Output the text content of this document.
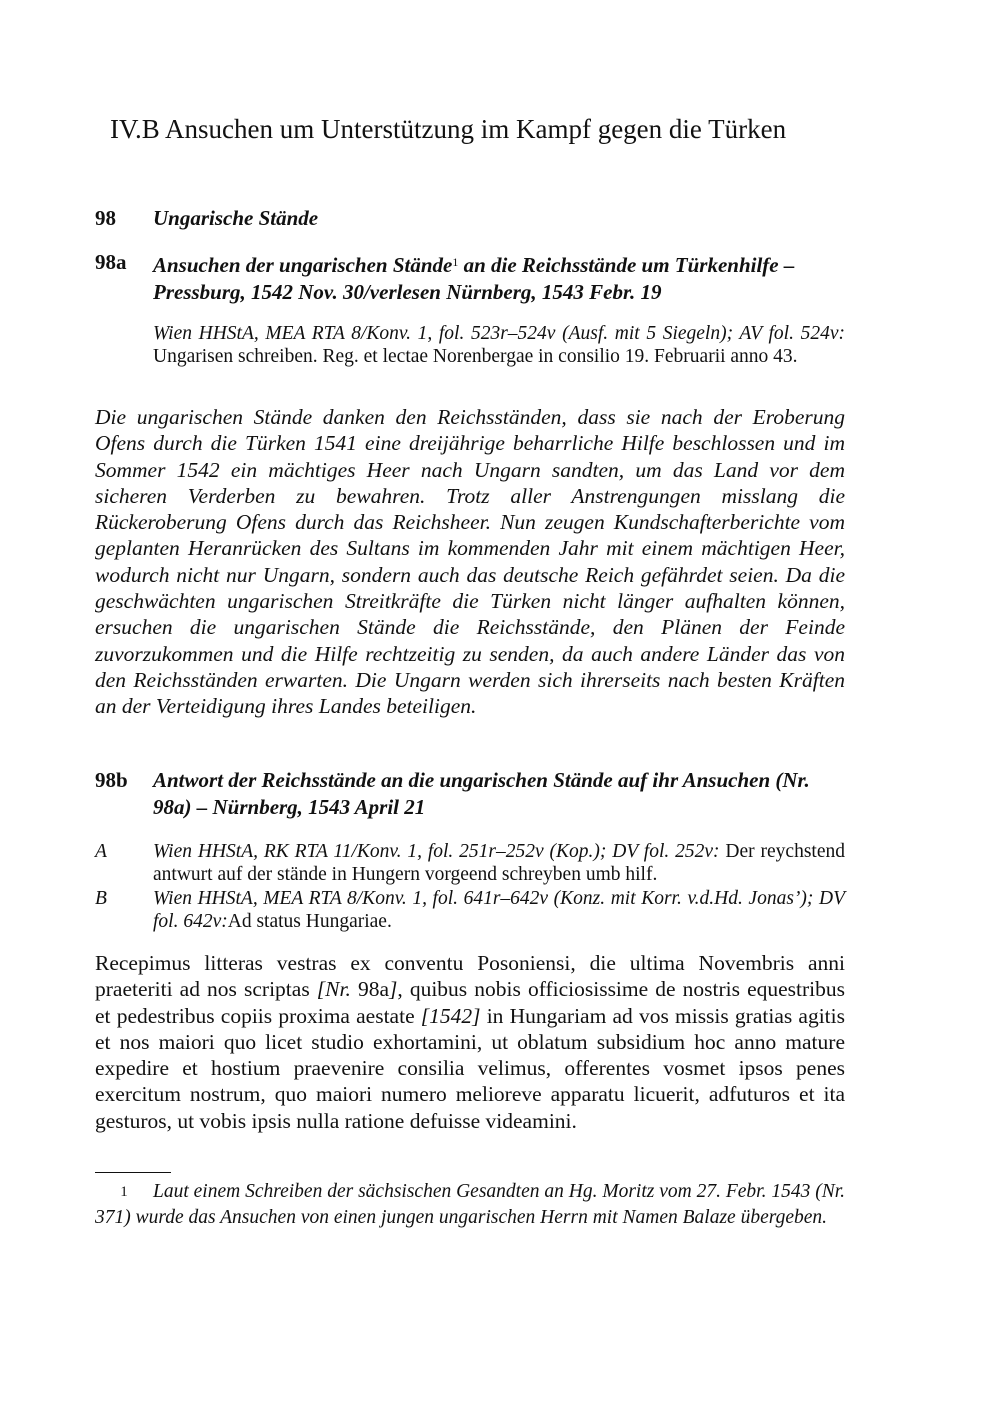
IV.B Ansuchen um Unterstützung im Kampf gegen die Türken
98 Ungarische Stände
98a Ansuchen der ungarischen Stände$^1$ an die Reichsstände um Türkenhilfe – Pressburg, 1542 Nov. 30/verlesen Nürnberg, 1543 Febr. 19
Wien HHStA, MEA RTA 8/Konv. 1, fol. 523r–524v (Ausf. mit 5 Siegeln); AV fol. 524v: Ungarisen schreiben. Reg. et lectae Norenbergae in consilio 19. Februarii anno 43.
Die ungarischen Stände danken den Reichsständen, dass sie nach der Eroberung Ofens durch die Türken 1541 eine dreijährige beharrliche Hilfe beschlossen und im Sommer 1542 ein mächtiges Heer nach Ungarn sandten, um das Land vor dem sicheren Verderben zu bewahren. Trotz aller Anstrengungen misslang die Rückeroberung Ofens durch das Reichsheer. Nun zeugen Kundschafterberichte vom geplanten Heranrücken des Sultans im kommenden Jahr mit einem mächtigen Heer, wodurch nicht nur Ungarn, sondern auch das deutsche Reich gefährdet seien. Da die geschwächten ungarischen Streitkräfte die Türken nicht länger aufhalten können, ersuchen die ungarischen Stände die Reichsstände, den Plänen der Feinde zuvorzukommen und die Hilfe rechtzeitig zu senden, da auch andere Länder das von den Reichsständen erwarten. Die Ungarn werden sich ihrerseits nach besten Kräften an der Verteidigung ihres Landes beteiligen.
98b Antwort der Reichsstände an die ungarischen Stände auf ihr Ansuchen (Nr. 98a) – Nürnberg, 1543 April 21
A Wien HHStA, RK RTA 11/Konv. 1, fol. 251r–252v (Kop.); DV fol. 252v: Der reychstend antwurt auf der stände in Hungern vorgeend schreyben umb hilf.
B Wien HHStA, MEA RTA 8/Konv. 1, fol. 641r–642v (Konz. mit Korr. v.d.Hd. Jonas’); DV fol. 642v:Ad status Hungariae.
Recepimus litteras vestras ex conventu Posoniensi, die ultima Novembris anni praeteriti ad nos scriptas [Nr. 98a], quibus nobis officiosissime de nostris equestribus et pedestribus copiis proxima aestate [1542] in Hungariam ad vos missis gratias agitis et nos maiori quo licet studio exhortamini, ut oblatum subsidium hoc anno mature expedire et hostium praevenire consilia velimus, offerentes vosmet ipsos penes exercitum nostrum, quo maiori numero melioreve apparatu licuerit, adfuturos et ita gesturos, ut vobis ipsis nulla ratione defuisse videamini.
1 Laut einem Schreiben der sächsischen Gesandten an Hg. Moritz vom 27. Febr. 1543 (Nr. 371) wurde das Ansuchen von einen jungen ungarischen Herrn mit Namen Balaze übergeben.
